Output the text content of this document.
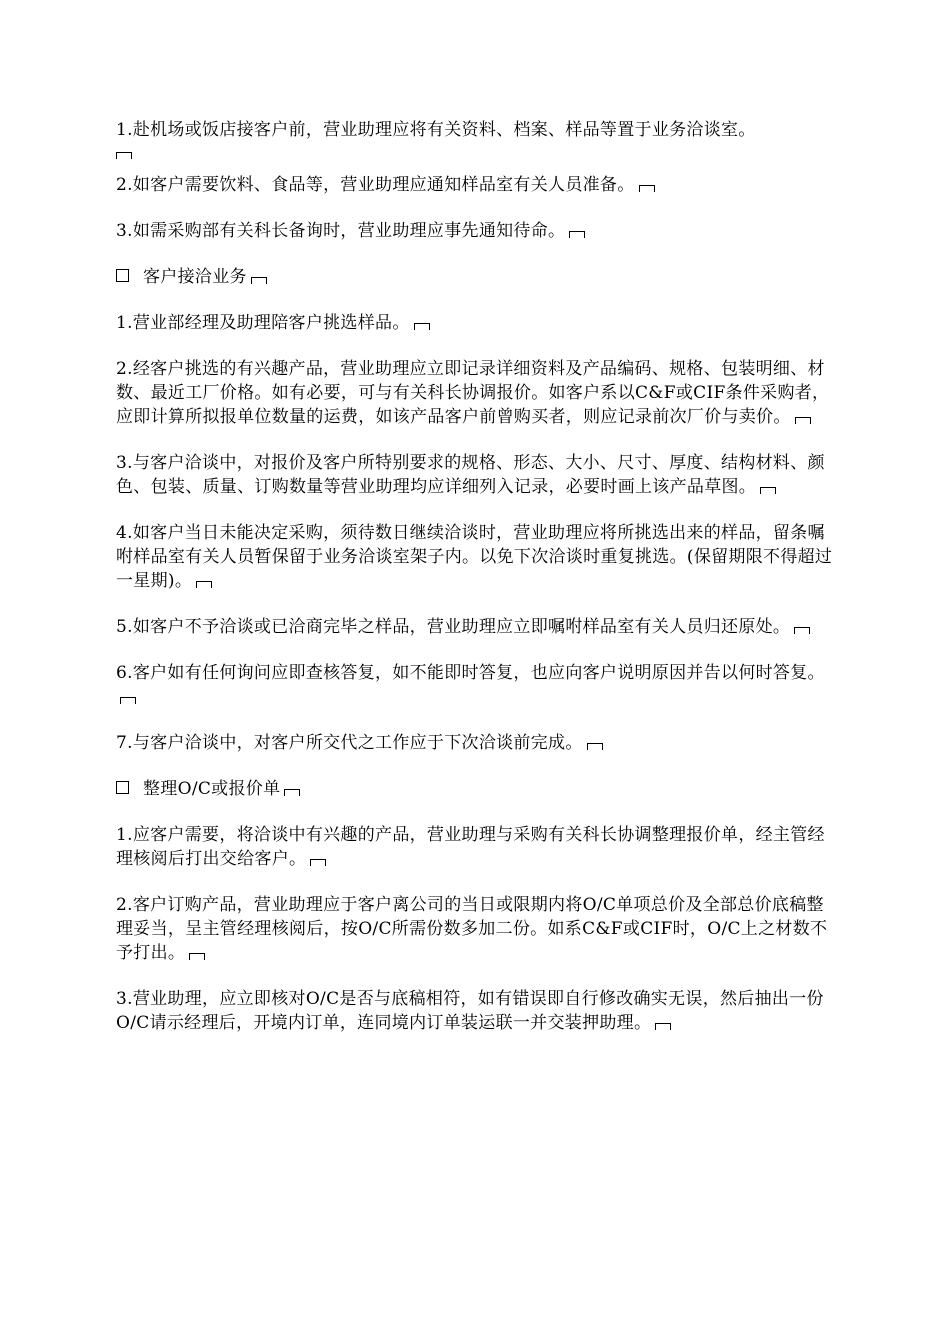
1.赴机场或饭店接客户前，营业助理应将有关资料、档案、样品等置于业务洽谈室。
2.如客户需要饮料、食品等，营业助理应通知样品室有关人员准备。
3.如需采购部有关科长备询时，营业助理应事先通知待命。
客户接洽业务
1.营业部经理及助理陪客户挑选样品。
2.经客户挑选的有兴趣产品，营业助理应立即记录详细资料及产品编码、规格、包装明细、材数、最近工厂价格。如有必要，可与有关科长协调报价。如客户系以C&F或CIF条件采购者，应即计算所拟报单位数量的运费，如该产品客户前曾购买者，则应记录前次厂价与卖价。
3.与客户洽谈中，对报价及客户所特别要求的规格、形态、大小、尺寸、厚度、结构材料、颜色、包装、质量、订购数量等营业助理均应详细列入记录，必要时画上该产品草图。
4.如客户当日未能决定采购，须待数日继续洽谈时，营业助理应将所挑选出来的样品，留条嘱咐样品室有关人员暂保留于业务洽谈室架子内。以免下次洽谈时重复挑选。(保留期限不得超过一星期)。
5.如客户不予洽谈或已洽商完毕之样品，营业助理应立即嘱咐样品室有关人员归还原处。
6.客户如有任何询问应即查核答复，如不能即时答复，也应向客户说明原因并告以何时答复。
7.与客户洽谈中，对客户所交代之工作应于下次洽谈前完成。
整理O/C或报价单
1.应客户需要，将洽谈中有兴趣的产品，营业助理与采购有关科长协调整理报价单，经主管经理核阅后打出交给客户。
2.客户订购产品，营业助理应于客户离公司的当日或限期内将O/C单项总价及全部总价底稿整理妥当，呈主管经理核阅后，按O/C所需份数多加二份。如系C&F或CIF时，O/C上之材数不予打出。
3.营业助理，应立即核对O/C是否与底稿相符，如有错误即自行修改确实无误，然后抽出一份O/C请示经理后，开境内订单，连同境内订单装运联一并交装押助理。
